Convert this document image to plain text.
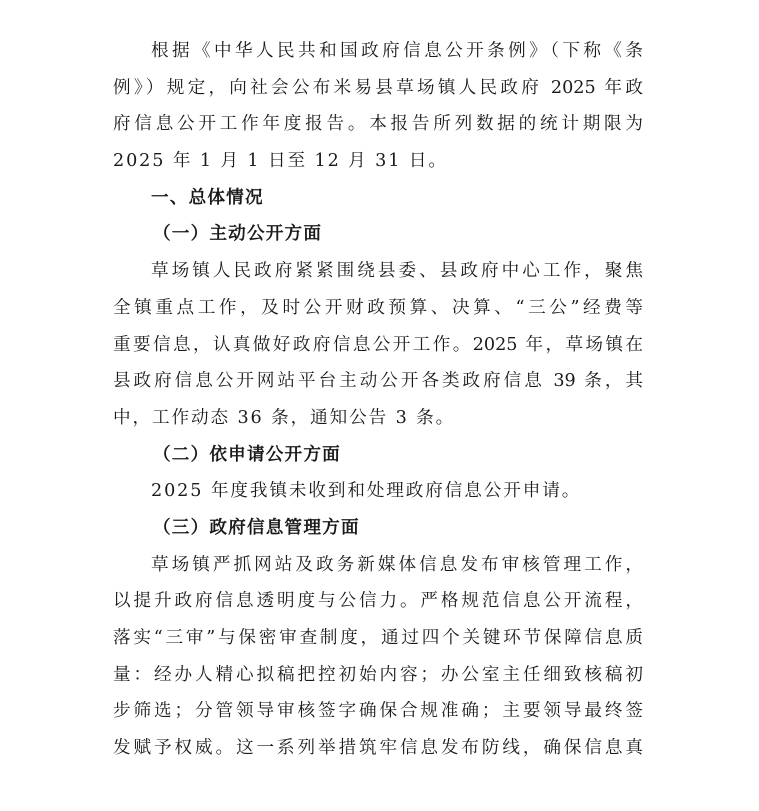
根据《中华人民共和国政府信息公开条例》（下称《条
例》）规定，向社会公布米易县草场镇人民政府 2025 年政
府信息公开工作年度报告。本报告所列数据的统计期限为
2025 年 1 月 1 日至 12 月 31 日。
一、总体情况
（一）主动公开方面
草场镇人民政府紧紧围绕县委、县政府中心工作，聚焦
全镇重点工作，及时公开财政预算、决算、“三公”经费等
重要信息，认真做好政府信息公开工作。2025 年，草场镇在
县政府信息公开网站平台主动公开各类政府信息 39 条，其
中，工作动态 36 条，通知公告 3 条。
（二）依申请公开方面
2025 年度我镇未收到和处理政府信息公开申请。
（三）政府信息管理方面
草场镇严抓网站及政务新媒体信息发布审核管理工作，
以提升政府信息透明度与公信力。严格规范信息公开流程，
落实“三审”与保密审查制度，通过四个关键环节保障信息质
量：经办人精心拟稿把控初始内容；办公室主任细致核稿初
步筛选；分管领导审核签字确保合规准确；主要领导最终签
发赋予权威。这一系列举措筑牢信息发布防线，确保信息真
